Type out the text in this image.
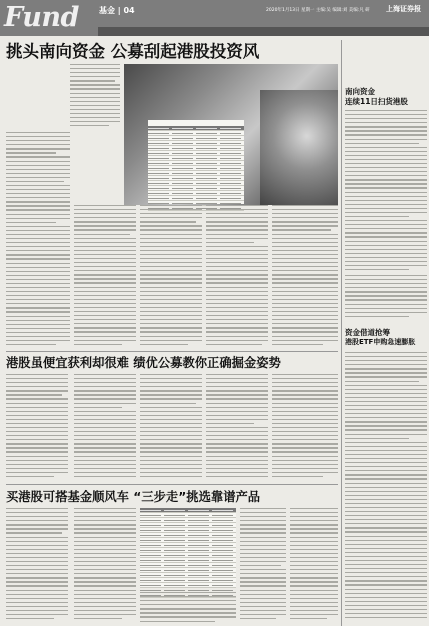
Fund	基金 | 04	2020年1月13日 星期一 主编:吴 编辑:刘 美编:凡 研 上海证券报
挑头南向资金 公募刮起港股投资风
南向资金
连续11日扫货港股
资金借道抢筹
港股ETF申购急速膨胀
港股虽便宜获利却很难 绩优公募教你正确掘金姿势
买港股可搭基金顺风车 “三步走”挑选靠谱产品
